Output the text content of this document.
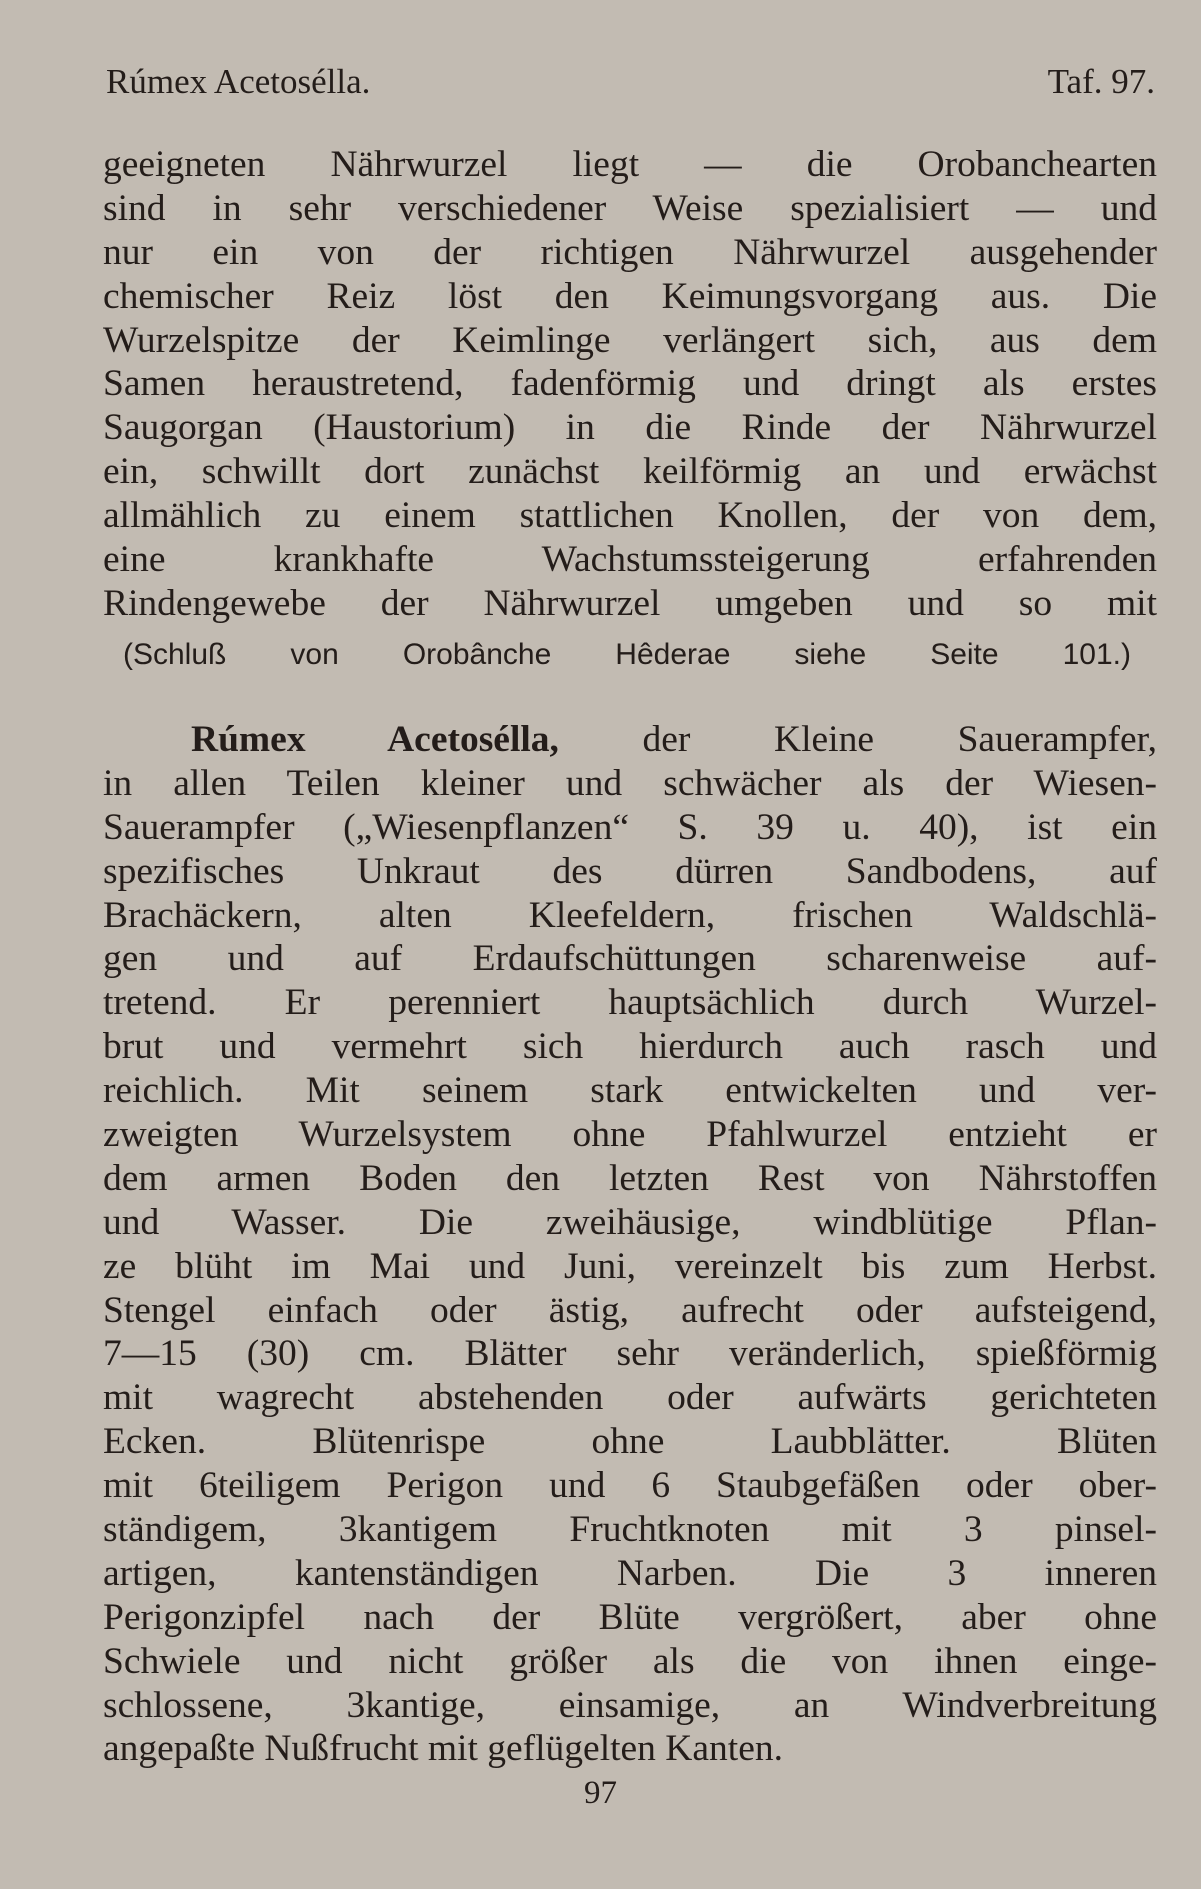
Rúmex Acetosélla.	Taf. 97.
geeigneten Nährwurzel liegt — die Orobanchearten
sind in sehr verschiedener Weise spezialisiert — und
nur ein von der richtigen Nährwurzel ausgehender
chemischer Reiz löst den Keimungsvorgang aus. Die
Wurzelspitze der Keimlinge verlängert sich, aus dem
Samen heraustretend, fadenförmig und dringt als erstes
Saugorgan (Haustorium) in die Rinde der Nährwurzel
ein, schwillt dort zunächst keilförmig an und erwächst
allmählich zu einem stattlichen Knollen, der von dem,
eine krankhafte Wachstumssteigerung erfahrenden
Rindengewebe der Nährwurzel umgeben und so mit
(Schluß von Orobânche Hêderae siehe Seite 101.)
Rúmex Acetosélla, der Kleine Sauerampfer,
in allen Teilen kleiner und schwächer als der Wiesen-
Sauerampfer („Wiesenpflanzen“ S. 39 u. 40), ist ein
spezifisches Unkraut des dürren Sandbodens, auf
Brachäckern, alten Kleefeldern, frischen Waldschlä-
gen und auf Erdaufschüttungen scharenweise auf-
tretend. Er perenniert hauptsächlich durch Wurzel-
brut und vermehrt sich hierdurch auch rasch und
reichlich. Mit seinem stark entwickelten und ver-
zweigten Wurzelsystem ohne Pfahlwurzel entzieht er
dem armen Boden den letzten Rest von Nährstoffen
und Wasser. Die zweihäusige, windblütige Pflan-
ze blüht im Mai und Juni, vereinzelt bis zum Herbst.
Stengel einfach oder ästig, aufrecht oder aufsteigend,
7—15 (30) cm. Blätter sehr veränderlich, spießförmig
mit wagrecht abstehenden oder aufwärts gerichteten
Ecken. Blütenrispe ohne Laubblätter. Blüten
mit 6teiligem Perigon und 6 Staubgefäßen oder ober-
ständigem, 3kantigem Fruchtknoten mit 3 pinsel-
artigen, kantenständigen Narben. Die 3 inneren
Perigonzipfel nach der Blüte vergrößert, aber ohne
Schwiele und nicht größer als die von ihnen einge-
schlossene, 3kantige, einsamige, an Windverbreitung
angepaßte Nußfrucht mit geflügelten Kanten.
97
